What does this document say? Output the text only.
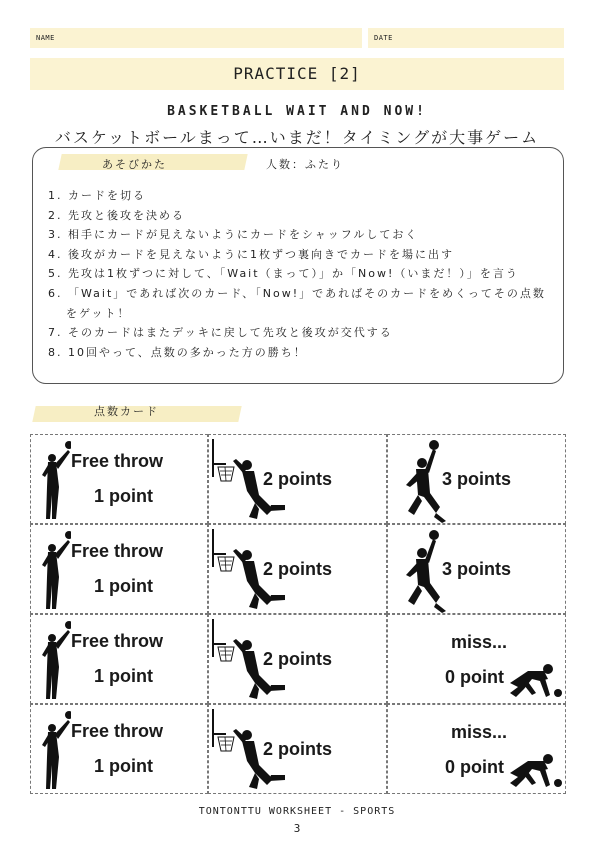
NAME	DATE
PRACTICE [2]
BASKETBALL WAIT AND NOW!
バスケットボールまって…いまだ！タイミングが大事ゲーム
あそびかた	人数：ふたり
1. カードを切る
2. 先攻と後攻を決める
3. 相手にカードが見えないようにカードをシャッフルしておく
4. 後攻がカードを見えないように1枚ずつ裏向きでカードを場に出す
5. 先攻は1枚ずつに対して、「Wait（まって）」か「Now!（いまだ！）」を言う
6. 「Wait」であれば次のカード、「Now!」であればそのカードをめくってその点数をゲット！
7. そのカードはまたデッキに戻して先攻と後攻が交代する
8. 10回やって、点数の多かった方の勝ち！
点数カード
Free throw
1 point
2 points	3 points
Free throw
1 point
2 points	3 points
Free throw
1 point
2 points
miss...
0 point
Free throw
1 point
2 points
miss...
0 point
TONTONTTU WORKSHEET - SPORTS
3
